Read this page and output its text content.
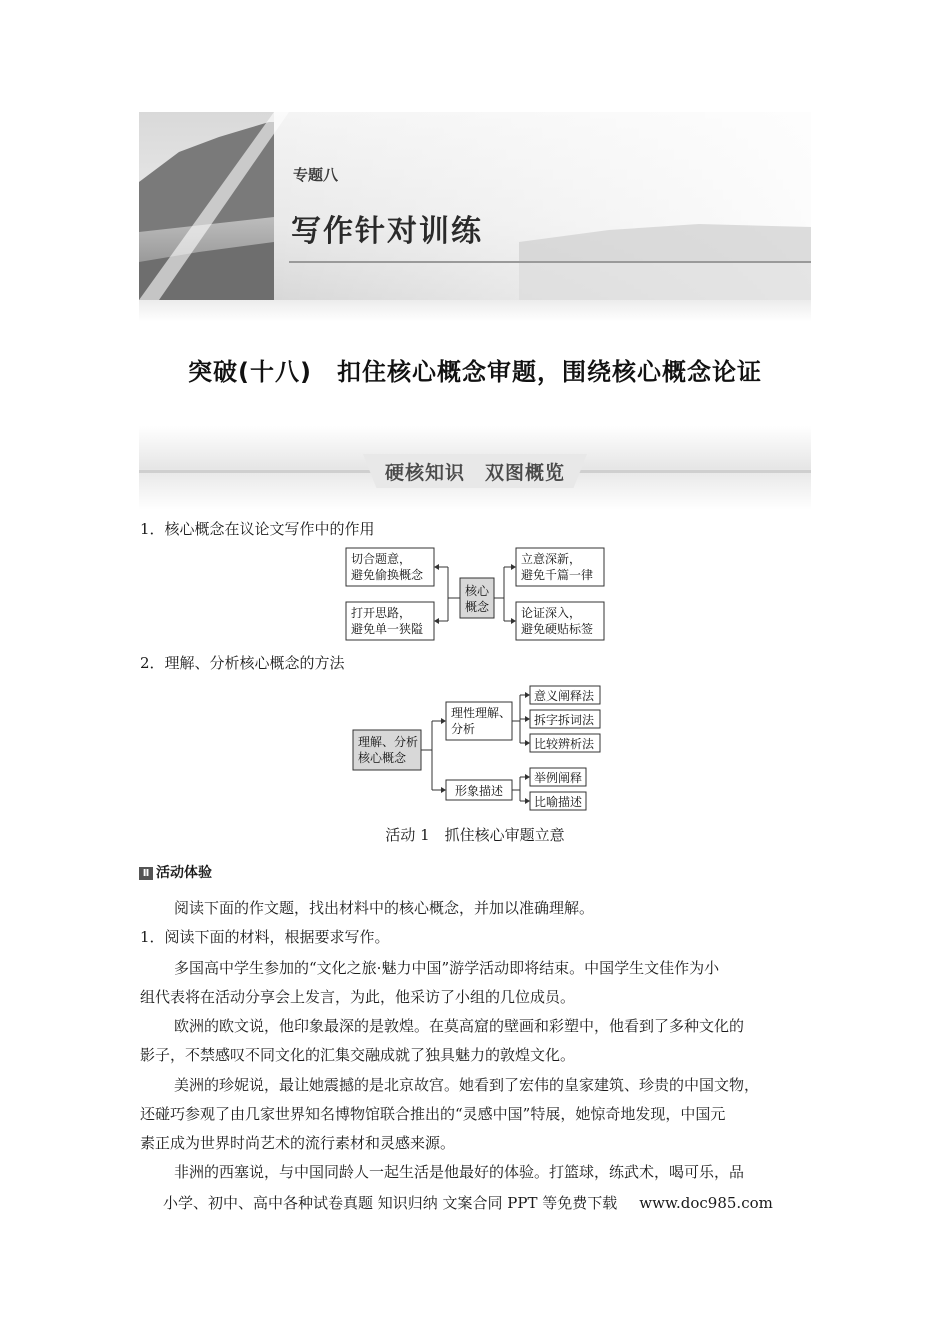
专题八
写作针对训练
突破(十八)　扣住核心概念审题，围绕核心概念论证
硬核知识　双图概览
1．核心概念在议论文写作中的作用
切合题意，
避免偷换概念
打开思路，
避免单一狭隘
核心
概念
立意深新，
避免千篇一律
论证深入，
避免硬贴标签
2．理解、分析核心概念的方法
理解、分析
核心概念
理性理解、
分析
形象描述
意义阐释法
拆字拆词法
比较辨析法
举例阐释
比喻描述
活动 1　抓住核心审题立意
Ⅱ 活动体验
阅读下面的作文题，找出材料中的核心概念，并加以准确理解。
1．阅读下面的材料，根据要求写作。
多国高中学生参加的“文化之旅·魅力中国”游学活动即将结束。中国学生文佳作为小
组代表将在活动分享会上发言，为此，他采访了小组的几位成员。
欧洲的欧文说，他印象最深的是敦煌。在莫高窟的壁画和彩塑中，他看到了多种文化的
影子，不禁感叹不同文化的汇集交融成就了独具魅力的敦煌文化。
美洲的珍妮说，最让她震撼的是北京故宫。她看到了宏伟的皇家建筑、珍贵的中国文物，
还碰巧参观了由几家世界知名博物馆联合推出的“灵感中国”特展，她惊奇地发现，中国元
素正成为世界时尚艺术的流行素材和灵感来源。
非洲的西塞说，与中国同龄人一起生活是他最好的体验。打篮球，练武术，喝可乐，品
小学、初中、高中各种试卷真题 知识归纳 文案合同 PPT 等免费下载 www.doc985.com
